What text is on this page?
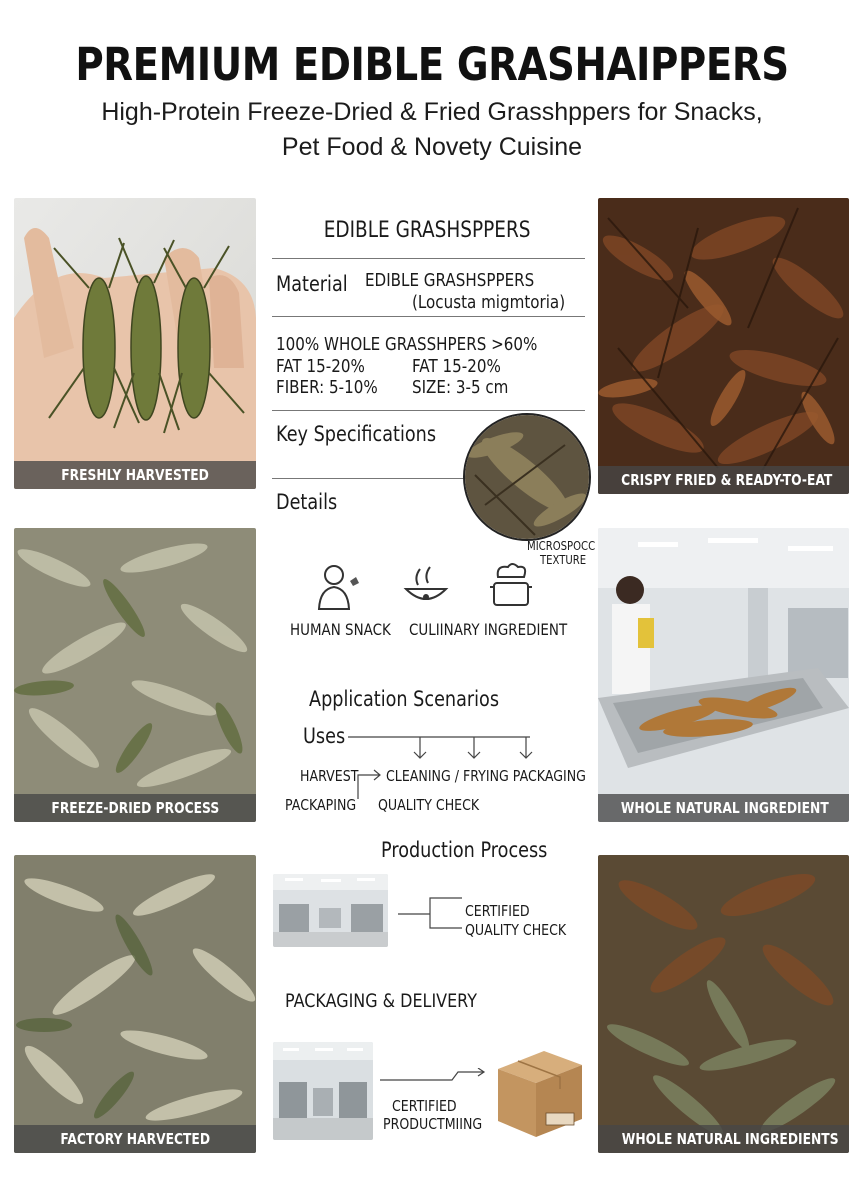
PREMIUM EDIBLE GRASHAIPPERS
High-Protein Freeze-Dried & Fried Grasshppers for Snacks,
Pet Food & Novety Cuisine
FRESHLY HARVESTED	CRISPY FRIED & READY-TO-EAT
FREEZE-DRIED PROCESS	WHOLE NATURAL INGREDIENT
FACTORY HARVECTED	WHOLE NATURAL INGREDIENTS
EDIBLE GRASHSPPERS
Material EDIBLE GRASHSPPERS
(Locusta migmtoria)
100% WHOLE GRASSHPERS >60%
FAT 15-20%	FAT 15-20%
FIBER: 5-10%	SIZE: 3-5 cm
Key Specifications
Details
MICROSPOCC
TEXTURE
HUMAN SNACK	CULIINARY INGREDIENT
Application Scenarios
Uses
HARVEST	CLEANING / FRYING PACKAGING
PACKAPING	QUALITY CHECK
Production Process
CERTIFIED
QUALITY CHECK
PACKAGING & DELIVERY
CERTIFIED
PRODUCTMIING
